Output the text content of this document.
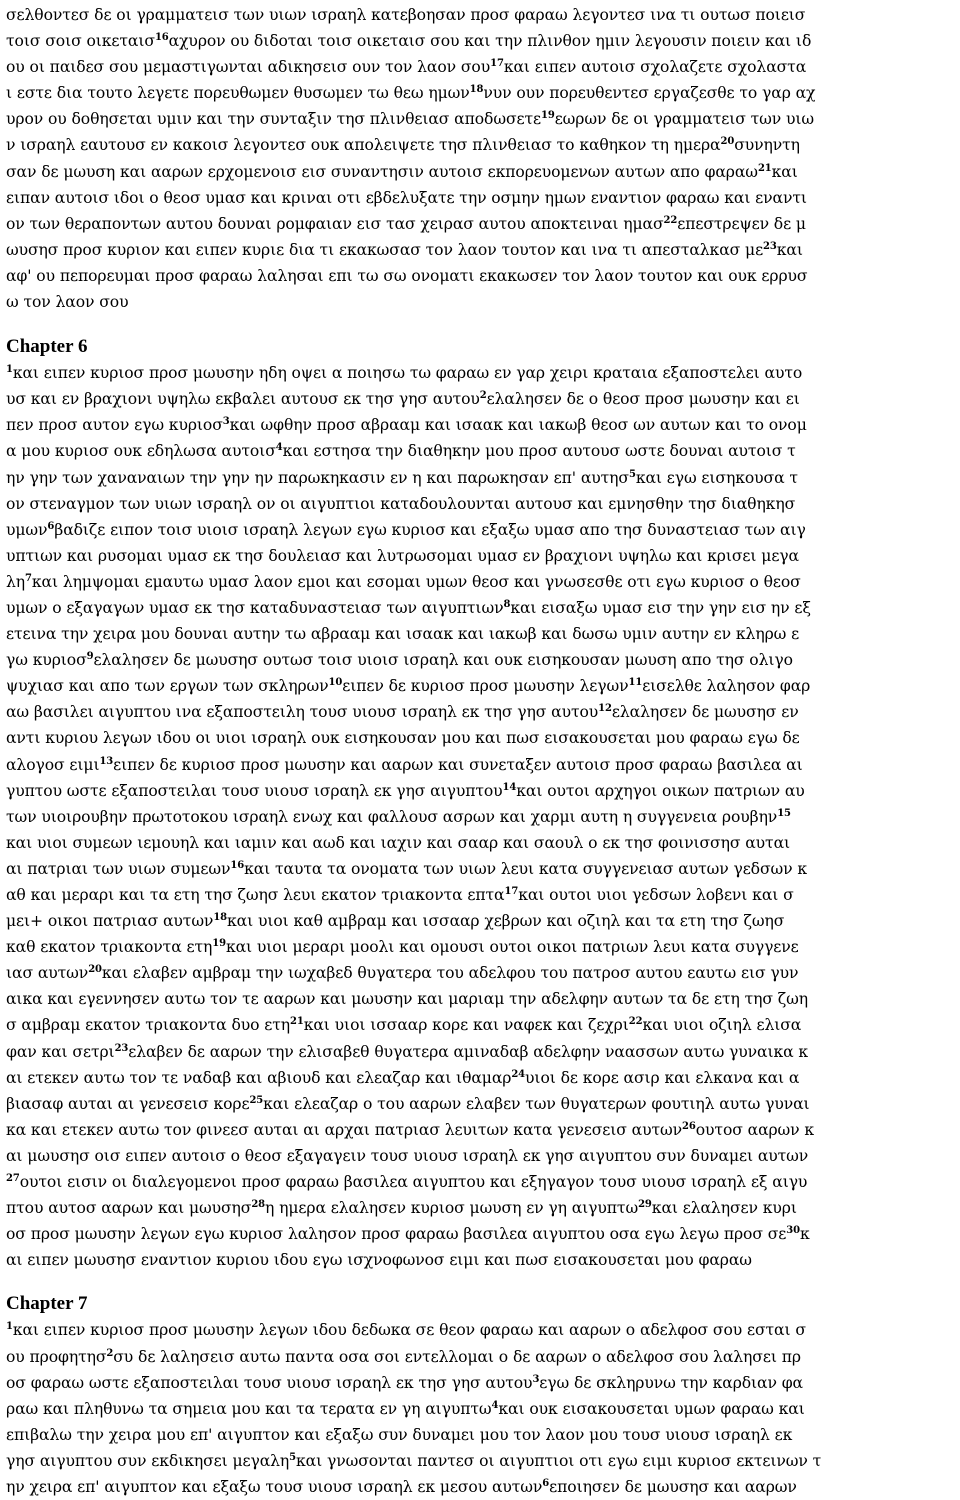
σελθοντεσ δε οι γραμματεισ των υιων ισραηλ κατεβοησαν προσ φαραω λεγοντεσ ινα τι ουτωσ ποιεισ
τοισ σοισ οικεταισ$^{16}$αχυρον ου διδοται τοισ οικεταισ σου και την πλινθον ημιν λεγουσιν ποιειν και ιδ
ου οι παιδεσ σου μεμαστιγωνται αδικησεισ ουν τον λαον σου$^{17}$και ειπεν αυτοισ σχολαζετε σχολαστα
ι εστε δια τουτο λεγετε πορευθωμεν θυσωμεν τω θεω ημων$^{18}$νυν ουν πορευθεντεσ εργαζεσθε το γαρ αχ
υρον ου δοθησεται υμιν και την συνταξιν τησ πλινθειασ αποδωσετε$^{19}$εωρων δε οι γραμματεισ των υιω
ν ισραηλ εαυτουσ εν κακοισ λεγοντεσ ουκ απολειψετε τησ πλινθειασ το καθηκον τη ημερα$^{20}$συνηντη
σαν δε μωυση και ααρων ερχομενοισ εισ συναντησιν αυτοισ εκπορευομενων αυτων απο φαραω$^{21}$και
ειπαν αυτοισ ιδοι ο θεοσ υμασ και κριναι οτι εβδελυξατε την οσμην ημων εναντιον φαραω και εναντι
ον των θεραποντων αυτου δουναι ρομφαιαν εισ τασ χειρασ αυτου αποκτειναι ημασ$^{22}$επεστρεψεν δε μ
ωυσησ προσ κυριον και ειπεν κυριε δια τι εκακωσασ τον λαον τουτον και ινα τι απεσταλκασ $\mu\varepsilon^{23}\kappa\alpha\iota$
αφ' ου πεπορευμαι προσ φαραω λαλησαι επι τω σω ονοματι εκακωσεν τον λαον τουτον και ουκ ερρυσ
ω τον λαον σου
Chapter 6
$^1$και ειπεν κυριοσ προσ μωυσην ηδη οψει α ποιησω τω φαραω εν γαρ χειρι κραταια εξαποστελει αυτο
υσ και εν βραχιονι υψηλω εκβαλει αυτουσ εκ τησ γησ αυτου$^2$ελαλησεν δε ο θεοσ προσ μωυσην και ει
πεν προσ αυτον εγω κυριοσ$^3$και ωφθην προσ αβρααμ και ισαακ και ιακωβ θεοσ ων αυτων και το ονομ
α μου κυριοσ ουκ εδηλωσα αυτοισ$^4$και εστησα την διαθηκην μου προσ αυτουσ ωστε δουναι αυτοισ τ
ην γην των χαναναιων την γην ην παρωκηκασιν εν η και παρωκησαν επ' αυτησ$^5$και εγω εισηκουσα τ
ον στεναγμον των υιων ισραηλ ον οι αιγυπτιοι καταδουλουνται αυτουσ και εμνησθην τησ διαθηκησ
υμων$^6$βαδιζε ειπον τοισ υιοισ ισραηλ λεγων εγω κυριοσ και εξαξω υμασ απο τησ δυναστειασ των αιγ
υπτιων και ρυσομαι υμασ εκ τησ δουλειασ και λυτρωσομαι υμασ εν βραχιονι υψηλω και κρισει μεγα
$\lambda\eta^7\kappa\alpha\iota$ λημψομαι εμαυτω υμασ λαον εμοι και εσομαι υμων θεοσ και γνωσεσθε οτι εγω κυριοσ ο θεοσ
υμων ο εξαγαγων υμασ εκ τησ καταδυναστειασ των αιγυπτιων$^8$και εισαξω υμασ εισ την γην εισ ην εξ
ετεινα την χειρα μου δουναι αυτην τω αβρααμ και ισαακ και ιακωβ και δωσω υμιν αυτην εν κληρω ε
γω κυριοσ$^9$ελαλησεν δε μωυσησ ουτωσ τοισ υιοισ ισραηλ και ουκ εισηκουσαν μωυση απο τησ ολιγο
ψυχιασ και απο των εργων των σκληρων$^{10}$ειπεν δε κυριοσ προσ μωυσην λεγων$^{11}$εισελθε λαλησον φαρ
αω βασιλει αιγυπτου ινα εξαποστειλη τουσ υιουσ ισραηλ εκ τησ γησ αυτου$^{12}$ελαλησεν δε μωυσησ εν
αντι κυριου λεγων ιδου οι υιοι ισραηλ ουκ εισηκουσαν μου και πωσ εισακουσεται μου φαραω εγω δε
αλογοσ ειμι$^{13}$ειπεν δε κυριοσ προσ μωυσην και ααρων και συνεταξεν αυτοισ προσ φαραω βασιλεα αι
γυπτου ωστε εξαποστειλαι τουσ υιουσ ισραηλ εκ γησ αιγυπτου$^{14}$και ουτοι αρχηγοι οικων πατριων αυ
των υιοιρουβην πρωτοτοκου ισραηλ ενωχ και φαλλουσ ασρων και χαρμι αυτη η συγγενεια ρουβην$^{15}$
και υιοι συμεων ιεμουηλ και ιαμιν και αωδ και ιαχιν και σααρ και σαουλ ο εκ τησ φοινισσησ αυται
αι πατριαι των υιων συμεων$^{16}$και ταυτα τα ονοματα των υιων λευι κατα συγγενειασ αυτων γεδσων κ
αθ και μεραρι και τα ετη τησ ζωησ λευι εκατον τριακοντα επτα$^{17}$και ουτοι υιοι γεδσων λοβενι και σ
μει+ οικοι πατριασ αυτων$^{18}$και υιοι καθ αμβραμ και ισσααρ χεβρων και οζιηλ και τα ετη τησ ζωησ
καθ εκατον τριακοντα ετη$^{19}$και υιοι μεραρι μοολι και ομουσι ουτοι οικοι πατριων λευι κατα συγγενε
ιασ αυτων$^{20}$και ελαβεν αμβραμ την ιωχαβεδ θυγατερα του αδελφου του πατροσ αυτου εαυτω εισ γυν
αικα και εγεννησεν αυτω τον τε ααρων και μωυσην και μαριαμ την αδελφην αυτων τα δε ετη τησ ζωη
σ αμβραμ εκατον τριακοντα δυο ετη$^{21}$και υιοι ισσααρ κορε και ναφεκ και ζεχρι$^{22}$και υιοι οζιηλ ελισα
φαν και σετρι$^{23}$ελαβεν δε ααρων την ελισαβεθ θυγατερα αμιναδαβ αδελφην ναασσων αυτω γυναικα κ
αι ετεκεν αυτω τον τε ναδαβ και αβιουδ και ελεαζαρ και ιθαμαρ$^{24}$υιοι δε κορε ασιρ και ελκανα και α
βιασαφ αυται αι γενεσεισ κορε$^{25}$και ελεαζαρ ο του ααρων ελαβεν των θυγατερων φουτιηλ αυτω γυναι
κα και ετεκεν αυτω τον φινεεσ αυται αι αρχαι πατριασ λευιτων κατα γενεσεισ αυτων$^{26}$ουτοσ ααρων κ
αι μωυσησ οισ ειπεν αυτοισ ο θεοσ εξαγαγειν τουσ υιουσ ισραηλ εκ γησ αιγυπτου συν δυναμει αυτων
$^{27}$ουτοι εισιν οι διαλεγομενοι προσ φαραω βασιλεα αιγυπτου και εξηγαγον τουσ υιουσ ισραηλ εξ αιγυ
πτου αυτοσ ααρων και μωυσησ$^{28}$η ημερα ελαλησεν κυριοσ μωυση εν γη αιγυπτω$^{29}$και ελαλησεν κυρι
οσ προσ μωυσην λεγων εγω κυριοσ λαλησον προσ φαραω βασιλεα αιγυπτου οσα εγω λεγω προσ $\sigma\varepsilon^{30}\kappa$
αι ειπεν μωυσησ εναντιον κυριου ιδου εγω ισχνοφωνοσ ειμι και πωσ εισακουσεται μου φαραω
Chapter 7
$^1$και ειπεν κυριοσ προσ μωυσην λεγων ιδου δεδωκα σε θεον φαραω και ααρων ο αδελφοσ σου εσται σ
ου προφητησ$^2$συ δε λαλησεισ αυτω παντα οσα σοι εντελλομαι ο δε ααρων ο αδελφοσ σου λαλησει πρ
οσ φαραω ωστε εξαποστειλαι τουσ υιουσ ισραηλ εκ τησ γησ αυτου$^3$εγω δε σκληρυνω την καρδιαν φα
ραω και πληθυνω τα σημεια μου και τα τερατα εν γη αιγυπτω$^4$και ουκ εισακουσεται υμων φαραω και
επιβαλω την χειρα μου επ' αιγυπτον και εξαξω συν δυναμει μου τον λαον μου τουσ υιουσ ισραηλ εκ
γησ αιγυπτου συν εκδικησει μεγαλη$^5$και γνωσονται παντεσ οι αιγυπτιοι οτι εγω ειμι κυριοσ εκτεινων τ
ην χειρα επ' αιγυπτον και εξαξω τουσ υιουσ ισραηλ εκ μεσου αυτων$^6$εποιησεν δε μωυσησ και ααρων
